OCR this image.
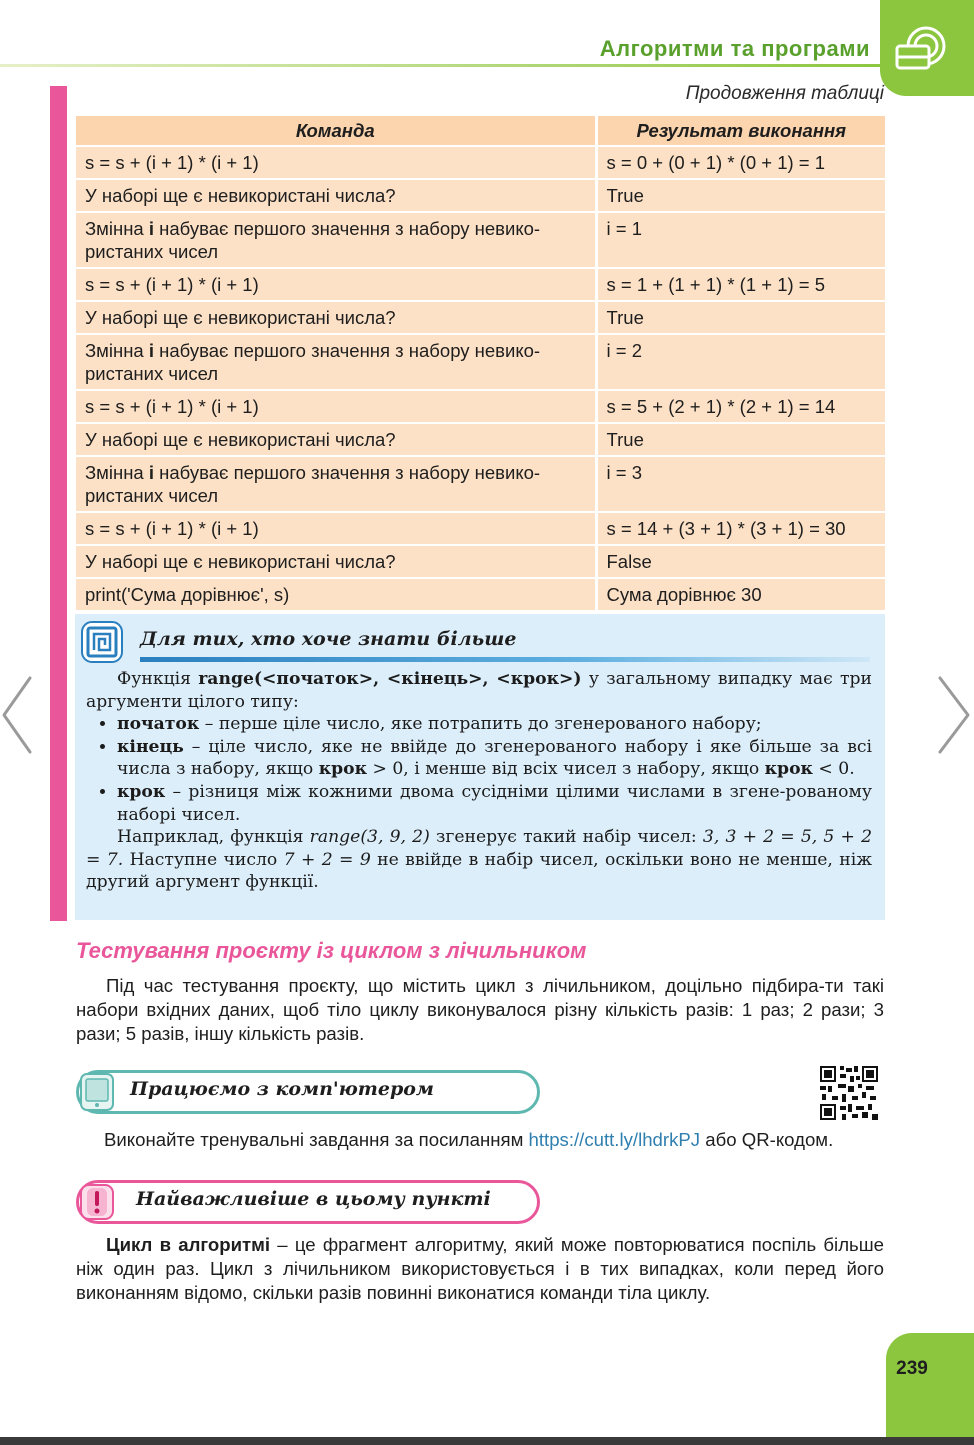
Алгоритми та програми
Продовження таблиці
Команда	Результат виконання
s = s + (i + 1) * (i + 1)	s = 0 + (0 + 1) * (0 + 1) = 1
У наборі ще є невикористані числа?	True
Змінна і набуває першого значення з набору невико-ристаних чисел	i = 1
s = s + (i + 1) * (i + 1)	s = 1 + (1 + 1) * (1 + 1) = 5
У наборі ще є невикористані числа?	True
Змінна і набуває першого значення з набору невико-ристаних чисел	i = 2
s = s + (i + 1) * (i + 1)	s = 5 + (2 + 1) * (2 + 1) = 14
У наборі ще є невикористані числа?	True
Змінна і набуває першого значення з набору невико-ристаних чисел	i = 3
s = s + (i + 1) * (i + 1)	s = 14 + (3 + 1) * (3 + 1) = 30
У наборі ще є невикористані числа?	False
print('Сума дорівнює', s)	Сума дорівнює 30
Для тих, хто хоче знати більше

Функція range(<початок>, <кінець>, <крок>) у загальному випадку має три аргументи цілого типу:

• початок – перше ціле число, яке потрапить до згенерованого набору;
• кінець – ціле число, яке не ввійде до згенерованого набору і яке більше за всі числа з набору, якщо крок > 0, і менше від всіх чисел з набору, якщо крок < 0.
• крок – різниця між кожними двома сусідніми цілими числами в згене-рованому наборі чисел.

Наприклад, функція range(3, 9, 2) згенерує такий набір чисел: 3, 3 + 2 = 5, 5 + 2 = 7. Наступне число 7 + 2 = 9 не ввійде в набір чисел, оскільки воно не менше, ніж другий аргумент функції.

Тестування проєкту із циклом з лічильником

Під час тестування проєкту, що містить цикл з лічильником, доцільно підбира-ти такі набори вхідних даних, щоб тіло циклу виконувалося різну кількість разів: 1 раз; 2 рази; 3 рази; 5 разів, іншу кількість разів.

Працюємо з комп'ютером
Виконайте тренувальні завдання за посиланням https://cutt.ly/lhdrkPJ або QR-кодом.
Найважливіше в цьому пункті

Цикл в алгоритмі – це фрагмент алгоритму, який може повторюватися поспіль більше ніж один раз. Цикл з лічильником використовується і в тих випадках, коли перед його виконанням відомо, скільки разів повинні виконатися команди тіла циклу.

239
